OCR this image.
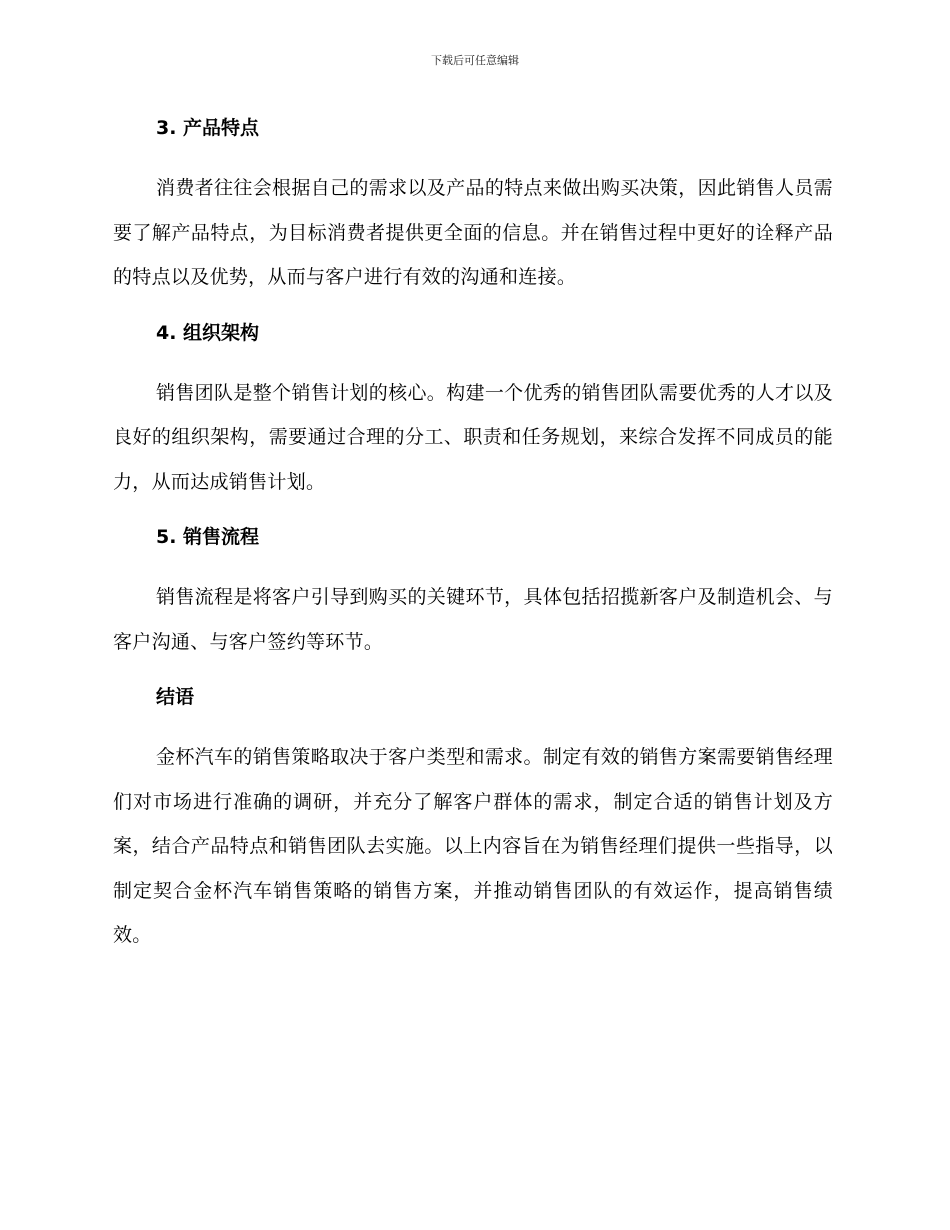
下载后可任意编辑
3. 产品特点

消费者往往会根据自己的需求以及产品的特点来做出购买决策，因此销售人员需要了解产品特点，为目标消费者提供更全面的信息。并在销售过程中更好的诠释产品的特点以及优势，从而与客户进行有效的沟通和连接。

4. 组织架构

销售团队是整个销售计划的核心。构建一个优秀的销售团队需要优秀的人才以及良好的组织架构，需要通过合理的分工、职责和任务规划，来综合发挥不同成员的能力，从而达成销售计划。

5. 销售流程

销售流程是将客户引导到购买的关键环节，具体包括招揽新客户及制造机会、与客户沟通、与客户签约等环节。

结语

金杯汽车的销售策略取决于客户类型和需求。制定有效的销售方案需要销售经理们对市场进行准确的调研，并充分了解客户群体的需求，制定合适的销售计划及方案，结合产品特点和销售团队去实施。以上内容旨在为销售经理们提供一些指导，以制定契合金杯汽车销售策略的销售方案，并推动销售团队的有效运作，提高销售绩效。
